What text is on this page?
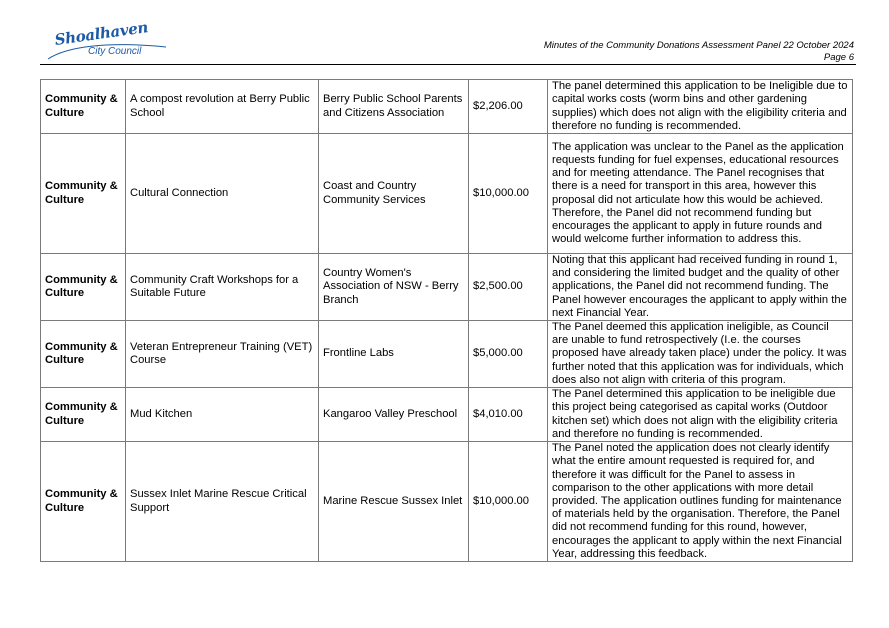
Shoalhaven
City Council
Minutes of the Community Donations Assessment Panel 22 October 2024
Page 6
Community & Culture	A compost revolution at Berry Public School	Berry Public School Parents and Citizens Association	$2,206.00	The panel determined this application to be Ineligible due to capital works costs (worm bins and other gardening supplies) which does not align with the eligibility criteria and therefore no funding is recommended.
Community & Culture	Cultural Connection	Coast and Country Community Services	$10,000.00	The application was unclear to the Panel as the application requests funding for fuel expenses, educational resources and for meeting attendance. The Panel recognises that there is a need for transport in this area, however this proposal did not articulate how this would be achieved. Therefore, the Panel did not recommend funding but encourages the applicant to apply in future rounds and would welcome further information to address this.
Community & Culture	Community Craft Workshops for a Suitable Future	Country Women's Association of NSW - Berry Branch	$2,500.00	Noting that this applicant had received funding in round 1, and considering the limited budget and the quality of other applications, the Panel did not recommend funding. The Panel however encourages the applicant to apply within the next Financial Year.
Community & Culture	Veteran Entrepreneur Training (VET) Course	Frontline Labs	$5,000.00	The Panel deemed this application ineligible, as Council are unable to fund retrospectively (I.e. the courses proposed have already taken place) under the policy. It was further noted that this application was for individuals, which does also not align with criteria of this program.
Community & Culture	Mud Kitchen	Kangaroo Valley Preschool	$4,010.00	The Panel determined this application to be ineligible due this project being categorised as capital works (Outdoor kitchen set) which does not align with the eligibility criteria and therefore no funding is recommended.
Community & Culture	Sussex Inlet Marine Rescue Critical Support	Marine Rescue Sussex Inlet	$10,000.00	The Panel noted the application does not clearly identify what the entire amount requested is required for, and therefore it was difficult for the Panel to assess in comparison to the other applications with more detail provided. The application outlines funding for maintenance of materials held by the organisation. Therefore, the Panel did not recommend funding for this round, however, encourages the applicant to apply within the next Financial Year, addressing this feedback.
